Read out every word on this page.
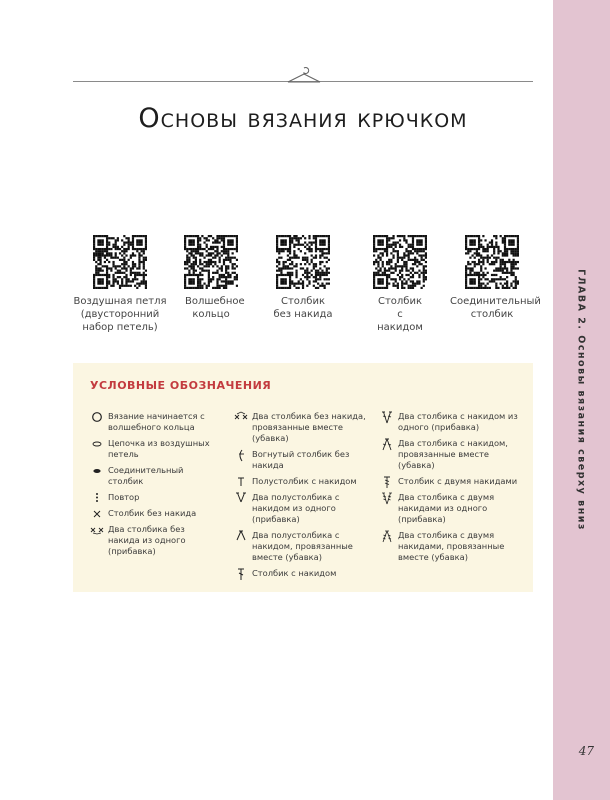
ГЛАВА 2. Основы вязания сверху вниз
47
Основы вязания крючком
Воздушная петля (двусторонний набор петель)
Волшебное кольцо
Столбик без накида
Столбик с накидом
Соединительный столбик
УСЛОВНЫЕ ОБОЗНАЧЕНИЯ
Вязание начинается с волшебного кольца
Цепочка из воздушных петель
Соединительный столбик
Повтор
Столбик без накида
Два столбика без накида из одного (прибавка)
Два столбика без накида, провязанные вместе (убавка)
Вогнутый столбик без накида
Полустолбик с накидом
Два полустолбика с накидом из одного (прибавка)
Два полустолбика с накидом, провязанные вместе (убавка)
Столбик с накидом
Два столбика с накидом из одного (прибавка)
Два столбика с накидом, провязанные вместе (убавка)
Столбик с двумя накидами
Два столбика с двумя накидами из одного (прибавка)
Два столбика с двумя накидами, провязанные вместе (убавка)
